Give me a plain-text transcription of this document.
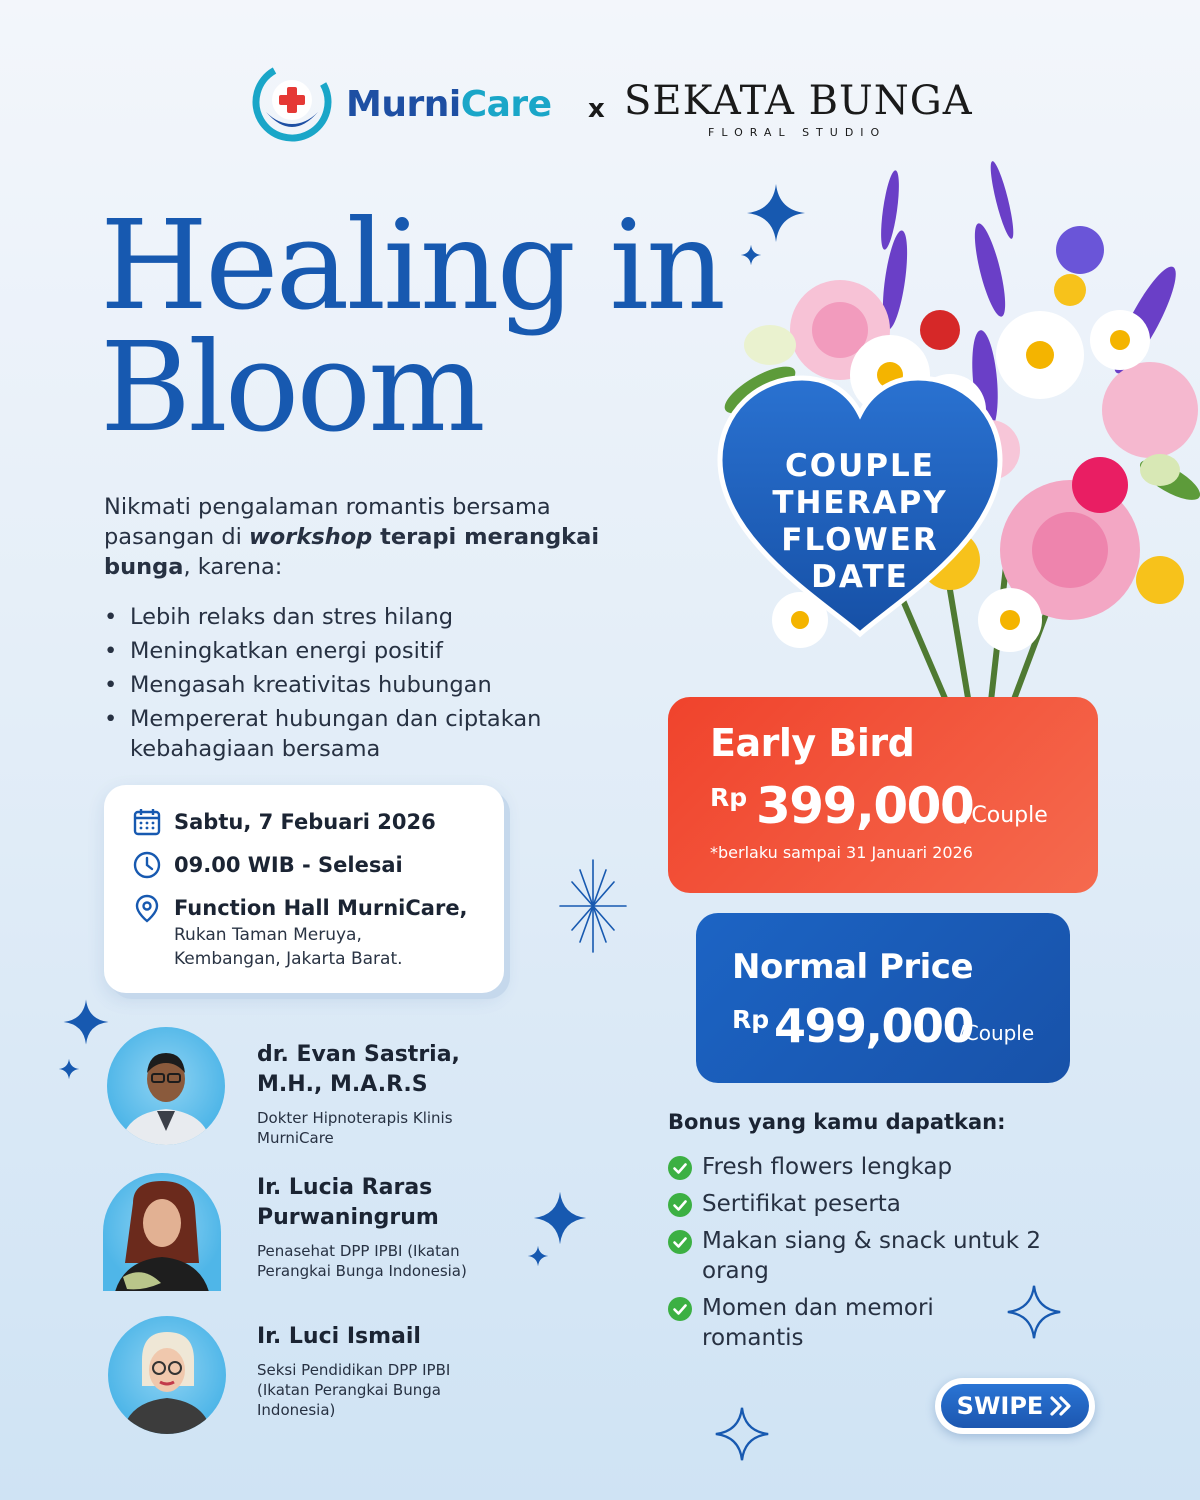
MurniCare x SEKATA BUNGA
FLORAL STUDIO
Healing in
Bloom

Nikmati pengalaman romantis bersama pasangan di workshop terapi merangkai bunga, karena:

• Lebih relaks dan stres hilang
• Meningkatkan energi positif
• Mengasah kreativitas hubungan
• Mempererat hubungan dan ciptakan kebahagiaan bersama
Sabtu, 7 Febuari 2026
09.00 WIB - Selesai
Function Hall MurniCare,
Rukan Taman Meruya,
Kembangan, Jakarta Barat.
dr. Evan Sastria,
M.H., M.A.R.S
Dokter Hipnoterapis Klinis
MurniCare
Ir. Lucia Raras
Purwaningrum
Penasehat DPP IPBI (Ikatan
Perangkai Bunga Indonesia)
Ir. Luci Ismail
Seksi Pendidikan DPP IPBI
(Ikatan Perangkai Bunga
Indonesia)
COUPLE
THERAPY
FLOWER
DATE
Early Bird
Rp 399,000
/Couple
*berlaku sampai 31 Januari 2026
Normal Price
Rp 499,000
/Couple
Bonus yang kamu dapatkan:
Fresh flowers lengkap
Sertifikat peserta
Makan siang & snack untuk 2 orang
Momen dan memori romantis
SWIPE
